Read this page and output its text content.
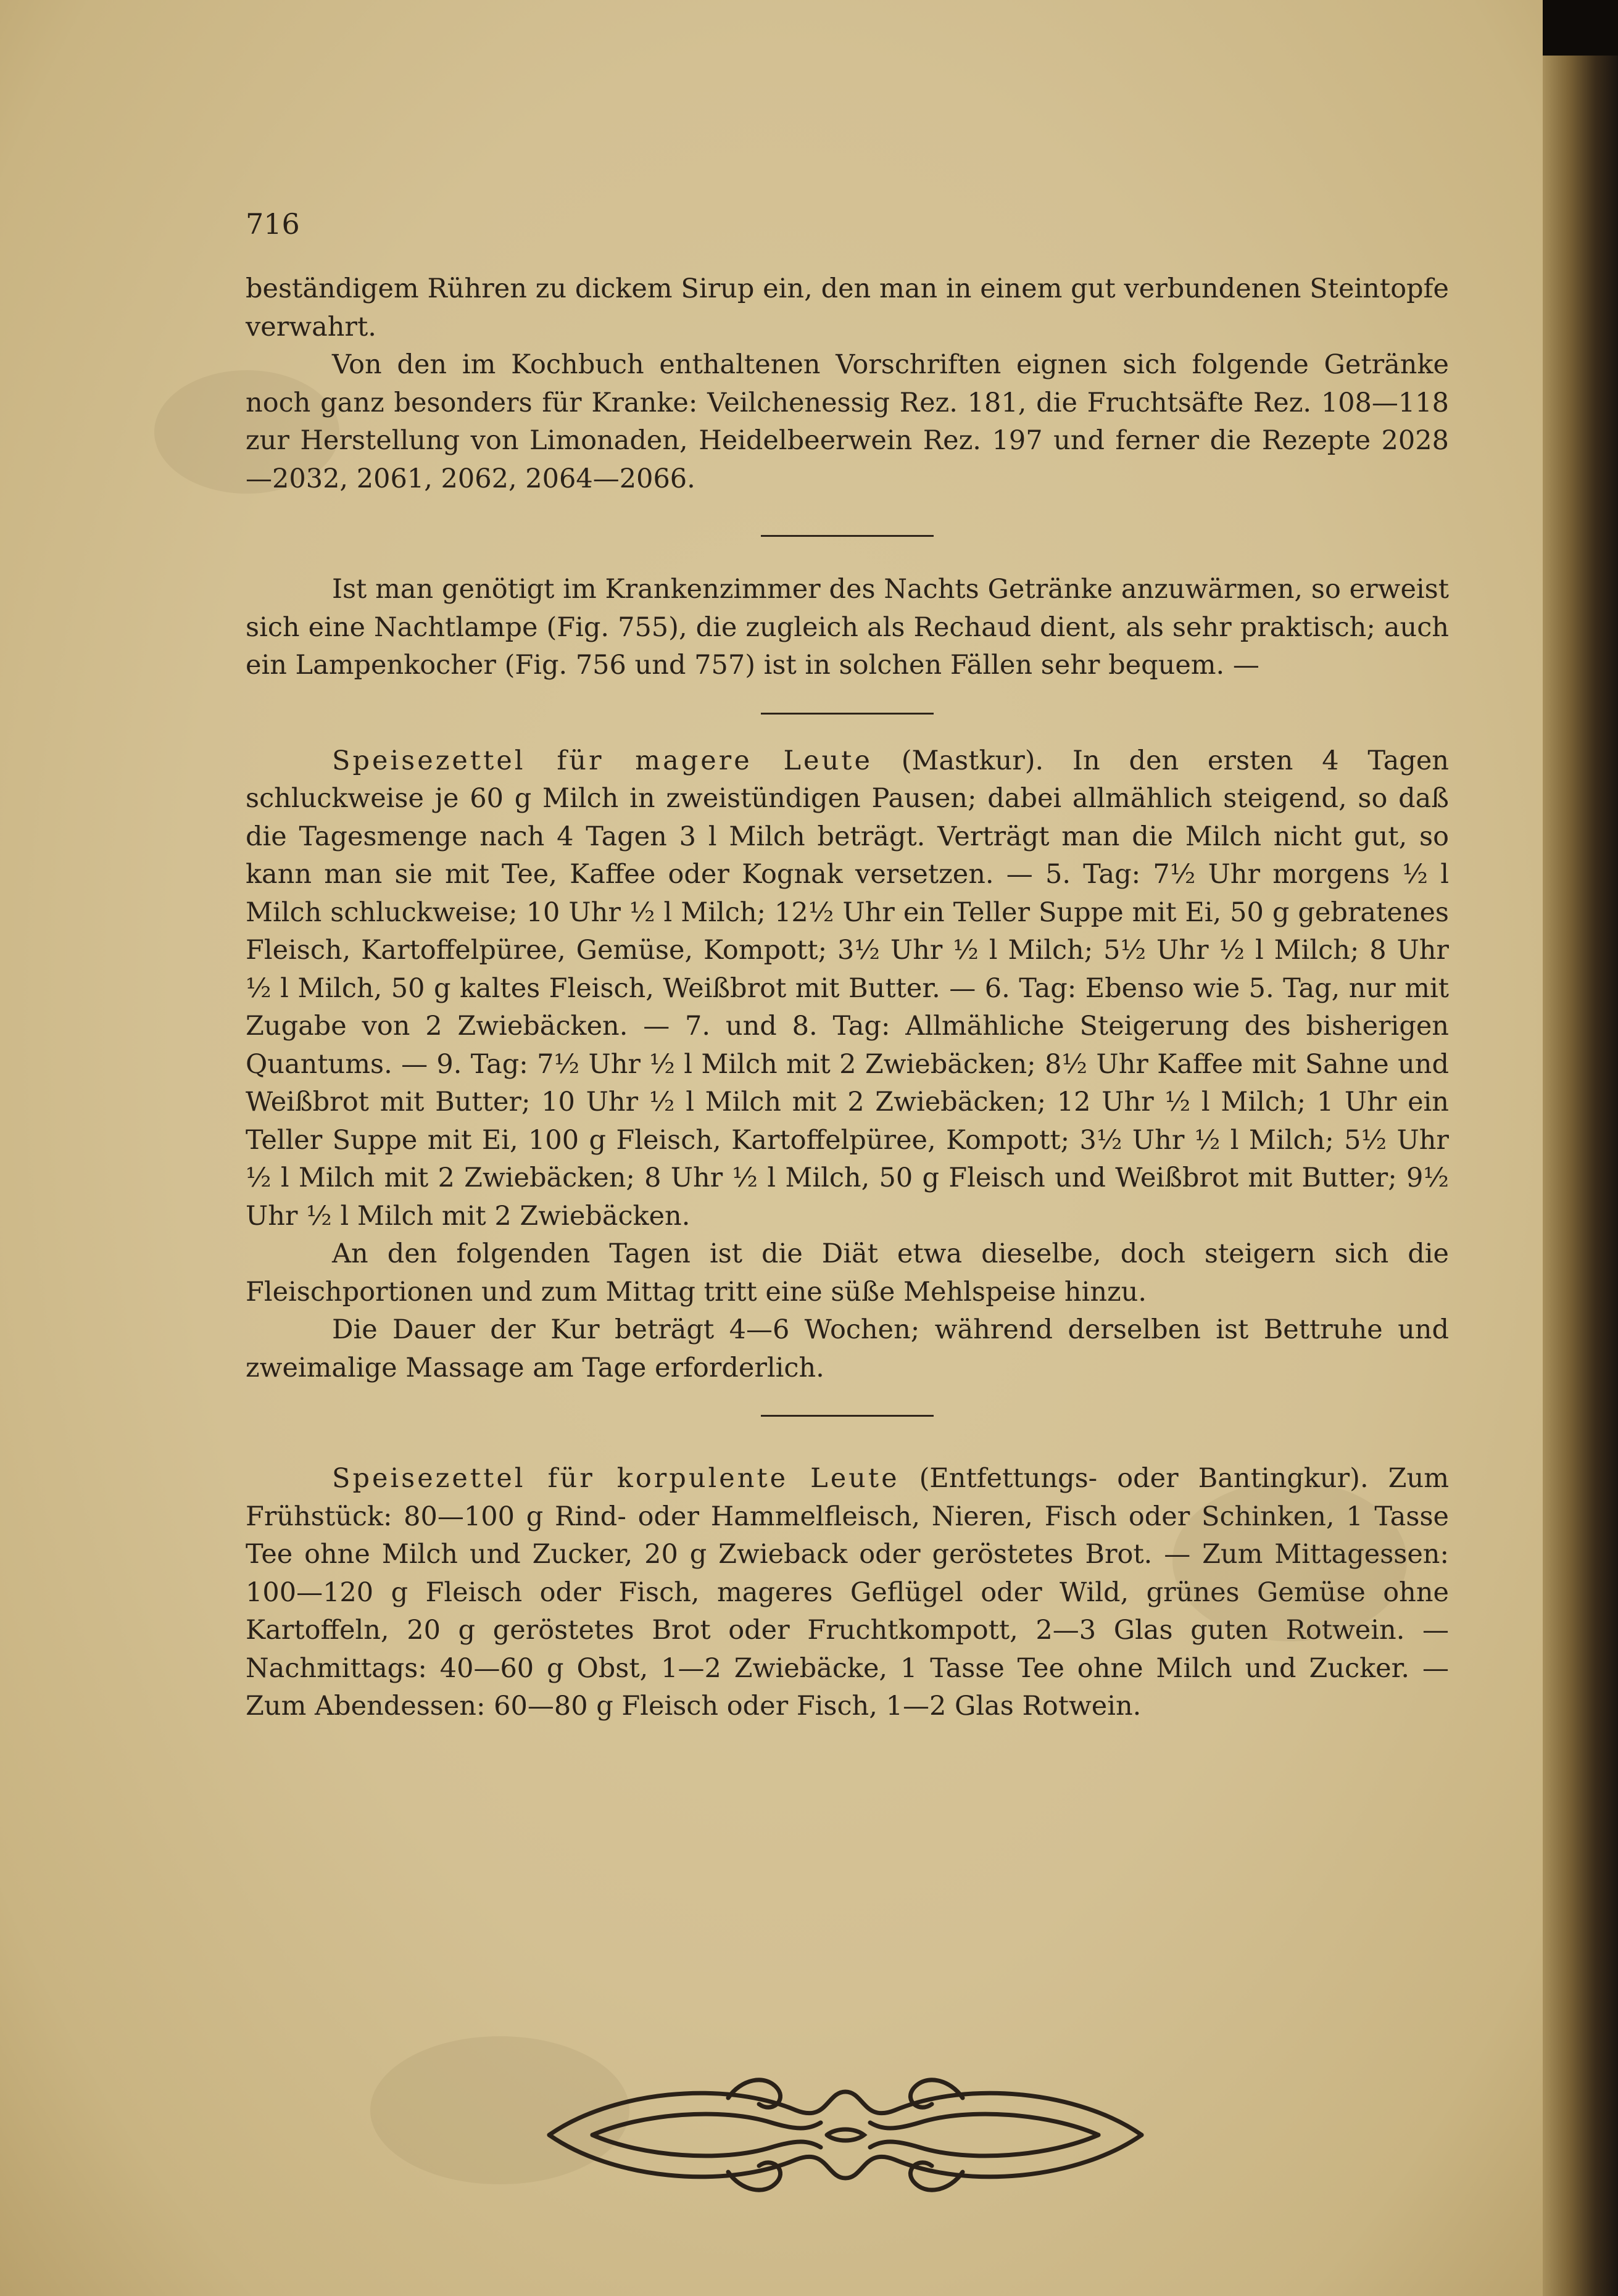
716

beständigem Rühren zu dickem Sirup ein, den man in einem gut verbundenen Steintopfe verwahrt.

Von den im Kochbuch enthaltenen Vorschriften eignen sich folgende Getränke noch ganz besonders für Kranke: Veilchenessig Rez. 181, die Fruchtsäfte Rez. 108—118 zur Herstellung von Limonaden, Heidelbeerwein Rez. 197 und ferner die Rezepte 2028—2032, 2061, 2062, 2064—2066.

Ist man genötigt im Krankenzimmer des Nachts Getränke anzuwärmen, so erweist sich eine Nachtlampe (Fig. 755), die zugleich als Rechaud dient, als sehr praktisch; auch ein Lampenkocher (Fig. 756 und 757) ist in solchen Fällen sehr bequem. —

Speisezettel für magere Leute (Mastkur). In den ersten 4 Tagen schluckweise je 60 g Milch in zweistündigen Pausen; dabei allmählich steigend, so daß die Tagesmenge nach 4 Tagen 3 l Milch beträgt. Verträgt man die Milch nicht gut, so kann man sie mit Tee, Kaffee oder Kognak versetzen. — 5. Tag: 7½ Uhr morgens ½ l Milch schluckweise; 10 Uhr ½ l Milch; 12½ Uhr ein Teller Suppe mit Ei, 50 g gebratenes Fleisch, Kartoffelpüree, Gemüse, Kompott; 3½ Uhr ½ l Milch; 5½ Uhr ½ l Milch; 8 Uhr ½ l Milch, 50 g kaltes Fleisch, Weißbrot mit Butter. — 6. Tag: Ebenso wie 5. Tag, nur mit Zugabe von 2 Zwiebäcken. — 7. und 8. Tag: Allmähliche Steigerung des bisherigen Quantums. — 9. Tag: 7½ Uhr ½ l Milch mit 2 Zwiebäcken; 8½ Uhr Kaffee mit Sahne und Weißbrot mit Butter; 10 Uhr ½ l Milch mit 2 Zwiebäcken; 12 Uhr ½ l Milch; 1 Uhr ein Teller Suppe mit Ei, 100 g Fleisch, Kartoffelpüree, Kompott; 3½ Uhr ½ l Milch; 5½ Uhr ½ l Milch mit 2 Zwiebäcken; 8 Uhr ½ l Milch, 50 g Fleisch und Weißbrot mit Butter; 9½ Uhr ½ l Milch mit 2 Zwiebäcken.

An den folgenden Tagen ist die Diät etwa dieselbe, doch steigern sich die Fleischportionen und zum Mittag tritt eine süße Mehlspeise hinzu.

Die Dauer der Kur beträgt 4—6 Wochen; während derselben ist Bettruhe und zweimalige Massage am Tage erforderlich.

Speisezettel für korpulente Leute (Entfettungs- oder Bantingkur). Zum Frühstück: 80—100 g Rind- oder Hammelfleisch, Nieren, Fisch oder Schinken, 1 Tasse Tee ohne Milch und Zucker, 20 g Zwieback oder geröstetes Brot. — Zum Mittagessen: 100—120 g Fleisch oder Fisch, mageres Geflügel oder Wild, grünes Gemüse ohne Kartoffeln, 20 g geröstetes Brot oder Fruchtkompott, 2—3 Glas guten Rotwein. — Nachmittags: 40—60 g Obst, 1—2 Zwiebäcke, 1 Tasse Tee ohne Milch und Zucker. — Zum Abendessen: 60—80 g Fleisch oder Fisch, 1—2 Glas Rotwein.
